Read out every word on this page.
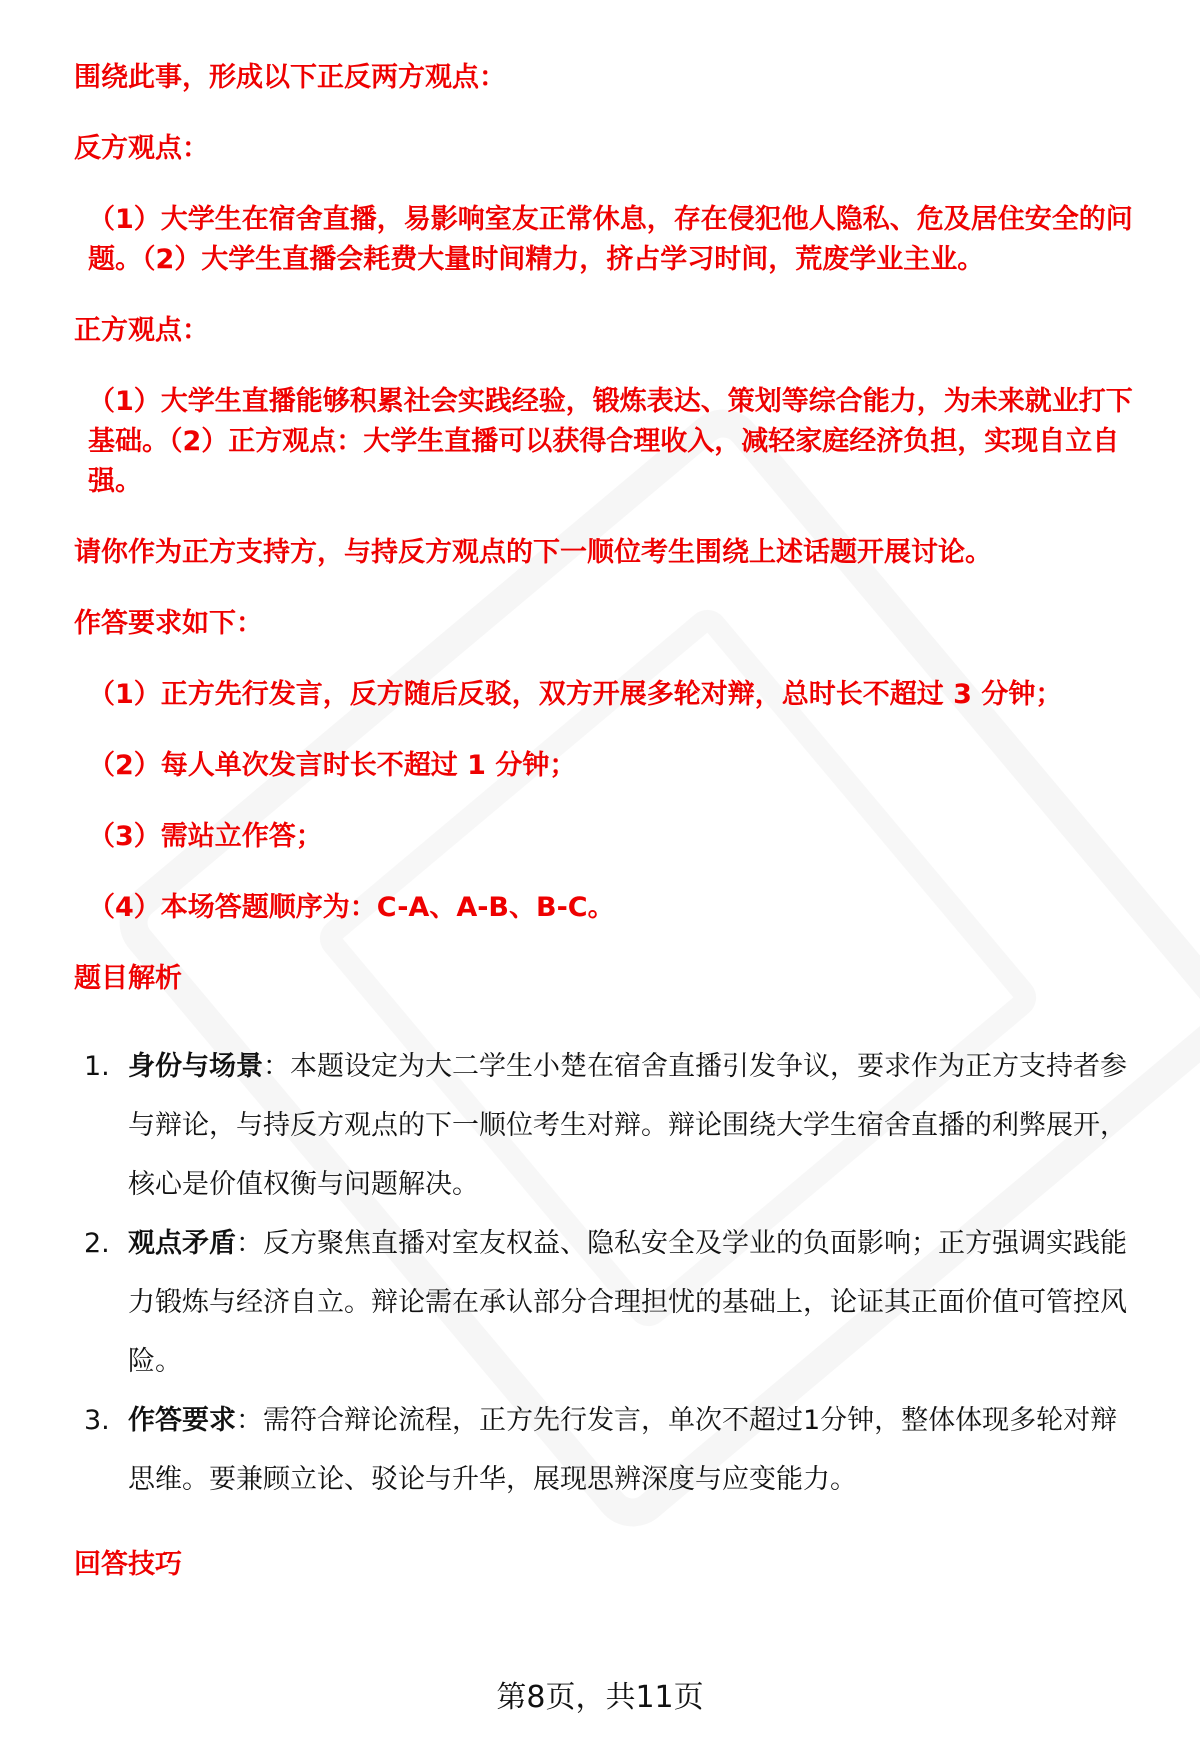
围绕此事，形成以下正反两方观点：
反方观点：
（1）大学生在宿舍直播，易影响室友正常休息，存在侵犯他人隐私、危及居住安全的问题。（2）大学生直播会耗费大量时间精力，挤占学习时间，荒废学业主业。
正方观点：
（1）大学生直播能够积累社会实践经验，锻炼表达、策划等综合能力，为未来就业打下基础。（2）正方观点：大学生直播可以获得合理收入，减轻家庭经济负担，实现自立自强。
请你作为正方支持方，与持反方观点的下一顺位考生围绕上述话题开展讨论。
作答要求如下：
（1）正方先行发言，反方随后反驳，双方开展多轮对辩，总时长不超过 3 分钟；
（2）每人单次发言时长不超过 1 分钟；
（3）需站立作答；
（4）本场答题顺序为：C-A、A-B、B-C。
题目解析
1. 身份与场景：本题设定为大二学生小楚在宿舍直播引发争议，要求作为正方支持者参与辩论，与持反方观点的下一顺位考生对辩。辩论围绕大学生宿舍直播的利弊展开，核心是价值权衡与问题解决。
2. 观点矛盾：反方聚焦直播对室友权益、隐私安全及学业的负面影响；正方强调实践能力锻炼与经济自立。辩论需在承认部分合理担忧的基础上，论证其正面价值可管控风险。
3. 作答要求：需符合辩论流程，正方先行发言，单次不超过1分钟，整体体现多轮对辩思维。要兼顾立论、驳论与升华，展现思辨深度与应变能力。
回答技巧
第8页，共11页
